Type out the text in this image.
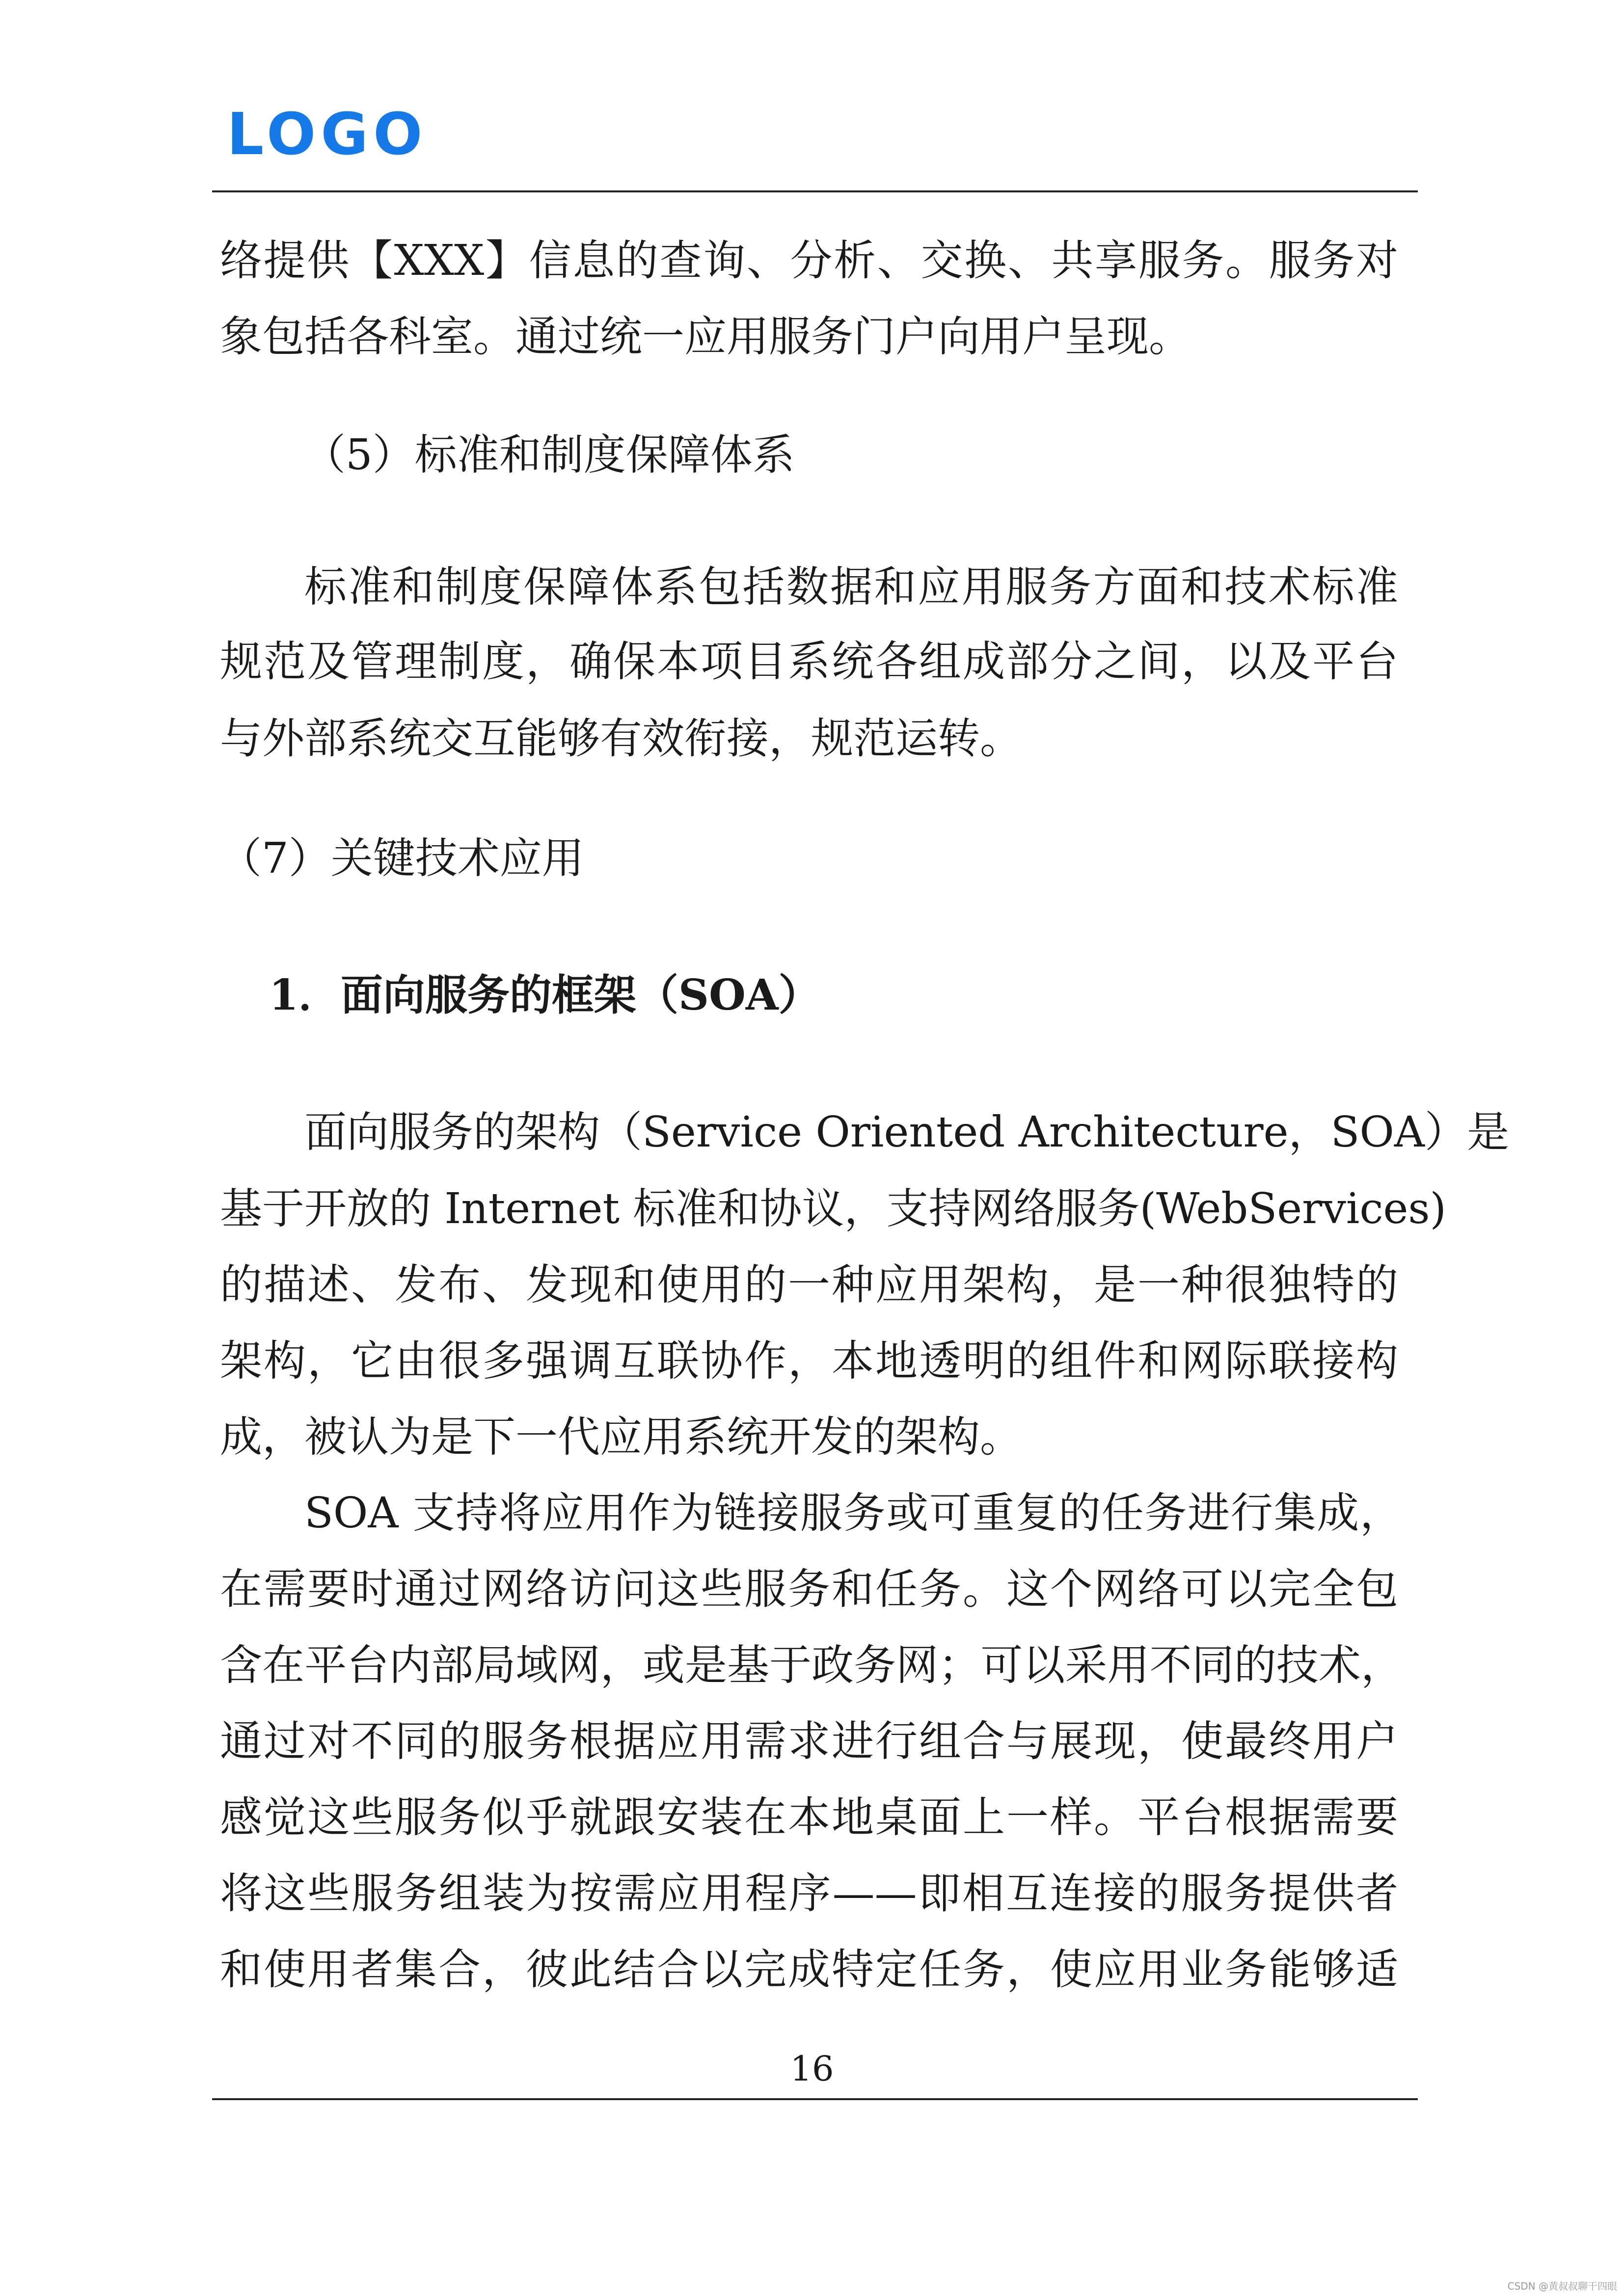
LOGO
络提供【XXX】信息的查询、分析、交换、共享服务。服务对
象包括各科室。通过统一应用服务门户向用户呈现。
（5）标准和制度保障体系
标准和制度保障体系包括数据和应用服务方面和技术标准
规范及管理制度，确保本项目系统各组成部分之间，以及平台
与外部系统交互能够有效衔接，规范运转。
（7）关键技术应用
1．面向服务的框架（SOA）
面向服务的架构（Service Oriented Architecture，SOA）是
基于开放的 Internet 标准和协议，支持网络服务(WebServices)
的描述、发布、发现和使用的一种应用架构，是一种很独特的
架构，它由很多强调互联协作，本地透明的组件和网际联接构
成，被认为是下一代应用系统开发的架构。
SOA 支持将应用作为链接服务或可重复的任务进行集成，
在需要时通过网络访问这些服务和任务。这个网络可以完全包
含在平台内部局域网，或是基于政务网；可以采用不同的技术，
通过对不同的服务根据应用需求进行组合与展现，使最终用户
感觉这些服务似乎就跟安装在本地桌面上一样。平台根据需要
将这些服务组装为按需应用程序——即相互连接的服务提供者
和使用者集合，彼此结合以完成特定任务，使应用业务能够适
16
CSDN @黄叔叔聊干四眼
